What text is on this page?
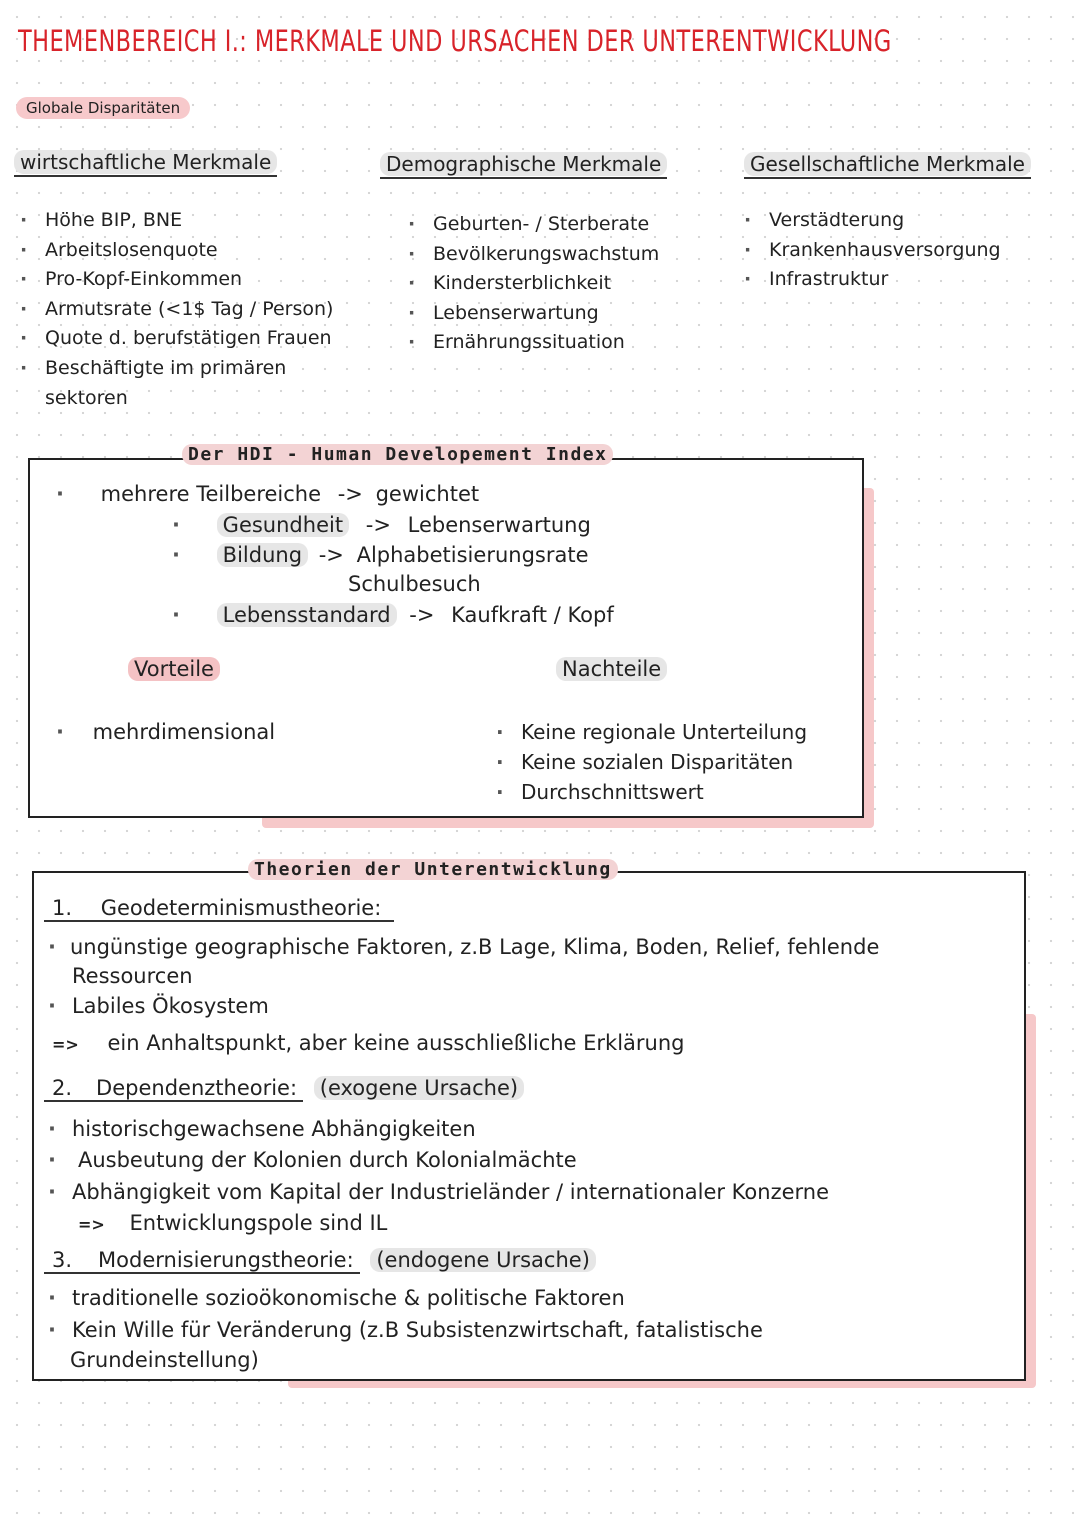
THEMENBEREICH I.: MERKMALE UND URSACHEN DER UNTERENTWICKLUNG
Globale Disparitäten
wirtschaftliche Merkmale	Demographische Merkmale	Gesellschaftliche Merkmale
· Höhe BIP, BNE
· Arbeitslosenquote
· Pro-Kopf-Einkommen
· Armutsrate (<1$ Tag / Person)
· Quote d. berufstätigen Frauen
· Beschäftigte im primären
sektoren
· Geburten- / Sterberate
· Bevölkerungswachstum
· Kindersterblichkeit
· Lebenserwartung
· Ernährungssituation
· Verstädterung
· Krankenhausversorgung
· Infrastruktur
Der HDI - Human Developement Index
· mehrere Teilbereiche -> gewichtet
· Gesundheit -> Lebenserwartung
· Bildung -> Alphabetisierungsrate
Schulbesuch
· Lebensstandard -> Kaufkraft / Kopf
Vorteile	Nachteile
· mehrdimensional
·	Keine regionale Unterteilung
· Keine sozialen Disparitäten
· Durchschnittswert
Theorien der Unterentwicklung
1. Geodeterminismustheorie:
· ungünstige geographische Faktoren, z.B Lage, Klima, Boden, Relief, fehlende
Ressourcen
· Labiles Ökosystem
=> ein Anhaltspunkt, aber keine ausschließliche Erklärung
2. Dependenztheorie: (exogene Ursache)
· historischgewachsene Abhängigkeiten
· Ausbeutung der Kolonien durch Kolonialmächte
· Abhängigkeit vom Kapital der Industrieländer / internationaler Konzerne
=> Entwicklungspole sind IL
3. Modernisierungstheorie: (endogene Ursache)
· traditionelle sozioökonomische & politische Faktoren
· Kein Wille für Veränderung (z.B Subsistenzwirtschaft, fatalistische
Grundeinstellung)
